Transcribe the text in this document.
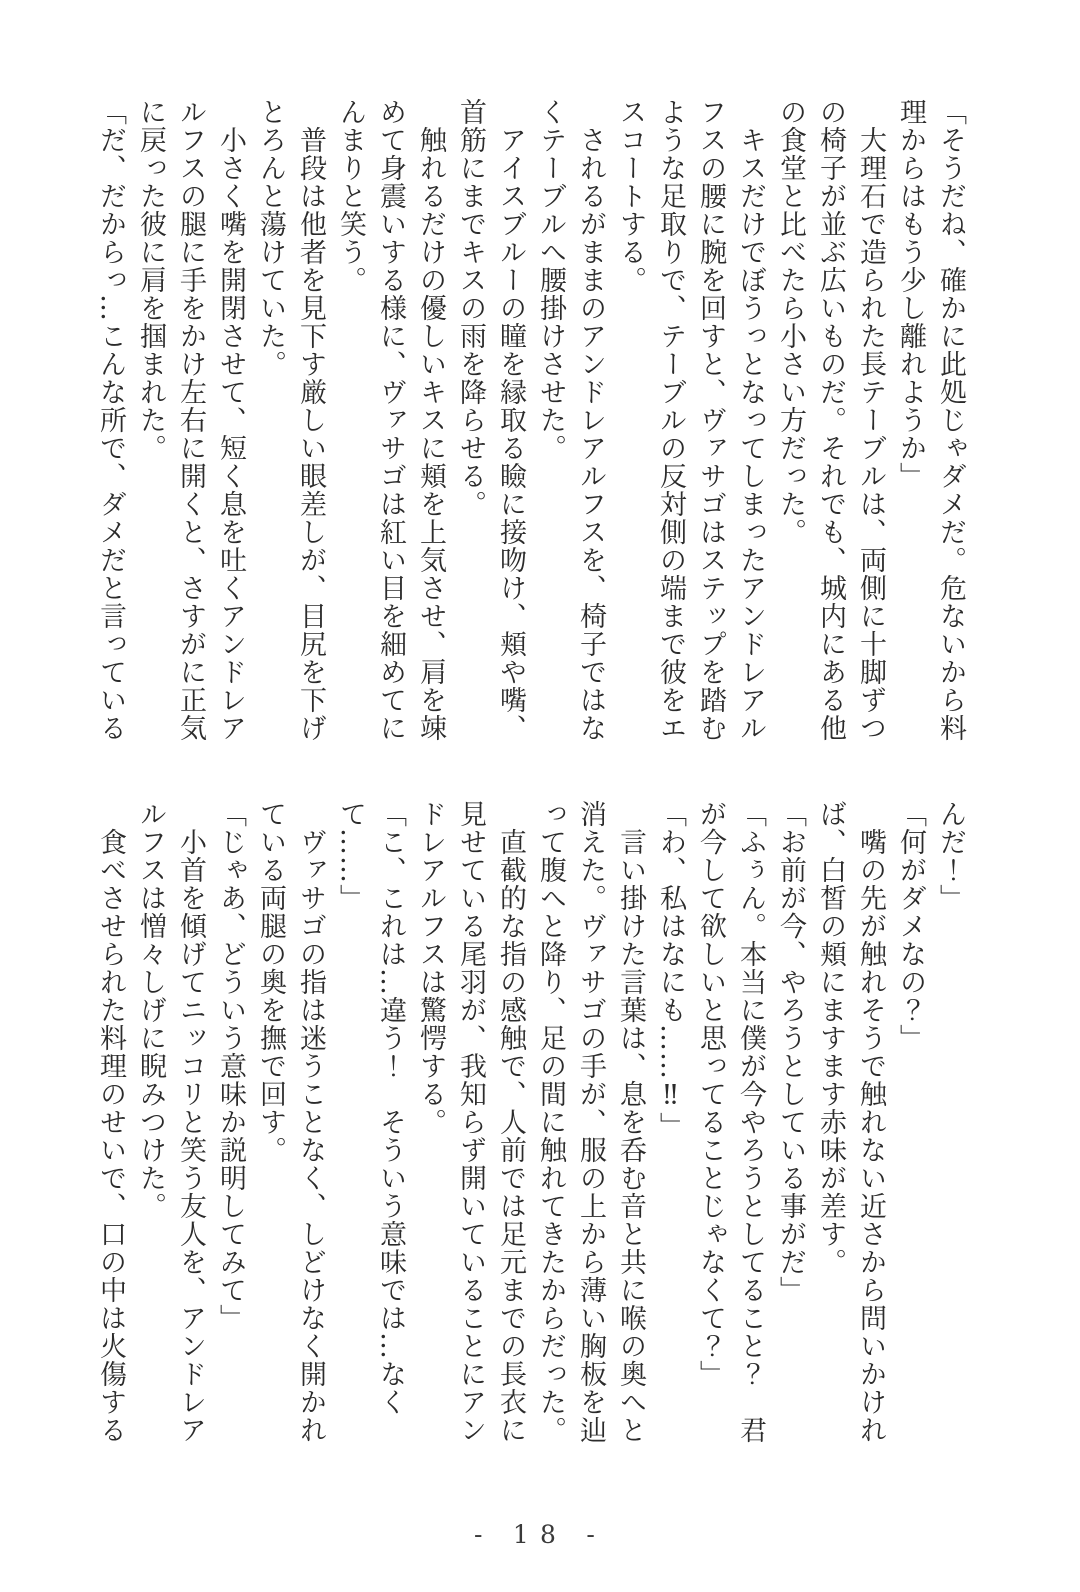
「そうだね、確かに此処じゃダメだ。危ないから料理からはもう少し離れようか」

　大理石で造られた長テーブルは、両側に十脚ずつの椅子が並ぶ広いものだ。それでも、城内にある他の食堂と比べたら小さい方だった。

　キスだけでぼうっとなってしまったアンドレアルフスの腰に腕を回すと、ヴァサゴはステップを踏むような足取りで、テーブルの反対側の端まで彼をエスコートする。

　されるがままのアンドレアルフスを、椅子ではなくテーブルへ腰掛けさせた。

　アイスブルーの瞳を縁取る瞼に接吻け、頬や嘴、首筋にまでキスの雨を降らせる。

　触れるだけの優しいキスに頬を上気させ、肩を竦めて身震いする様に、ヴァサゴは紅い目を細めてにんまりと笑う。

　普段は他者を見下す厳しい眼差しが、目尻を下げとろんと蕩けていた。

　小さく嘴を開閉させて、短く息を吐くアンドレアルフスの腿に手をかけ左右に開くと、さすがに正気に戻った彼に肩を掴まれた。

「だ、だからっ…こんな所で、ダメだと言っている

んだ！」

「何がダメなの？」

　嘴の先が触れそうで触れない近さから問いかければ、白皙の頬にますます赤味が差す。

「お前が今、やろうとしている事がだ」

「ふぅん。本当に僕が今やろうとしてること？　君が今して欲しいと思ってることじゃなくて？」

「わ、私はなにも……‼」

　言い掛けた言葉は、息を呑む音と共に喉の奥へと消えた。ヴァサゴの手が、服の上から薄い胸板を辿って腹へと降り、足の間に触れてきたからだった。

　直截的な指の感触で、人前では足元までの長衣に見せている尾羽が、我知らず開いていることにアンドレアルフスは驚愕する。

「こ、これは…違う！　そういう意味では…なくて……」

　ヴァサゴの指は迷うことなく、しどけなく開かれている両腿の奥を撫で回す。

「じゃあ、どういう意味か説明してみて」

　小首を傾げてニッコリと笑う友人を、アンドレアルフスは憎々しげに睨みつけた。

　食べさせられた料理のせいで、口の中は火傷する

- 18 -
